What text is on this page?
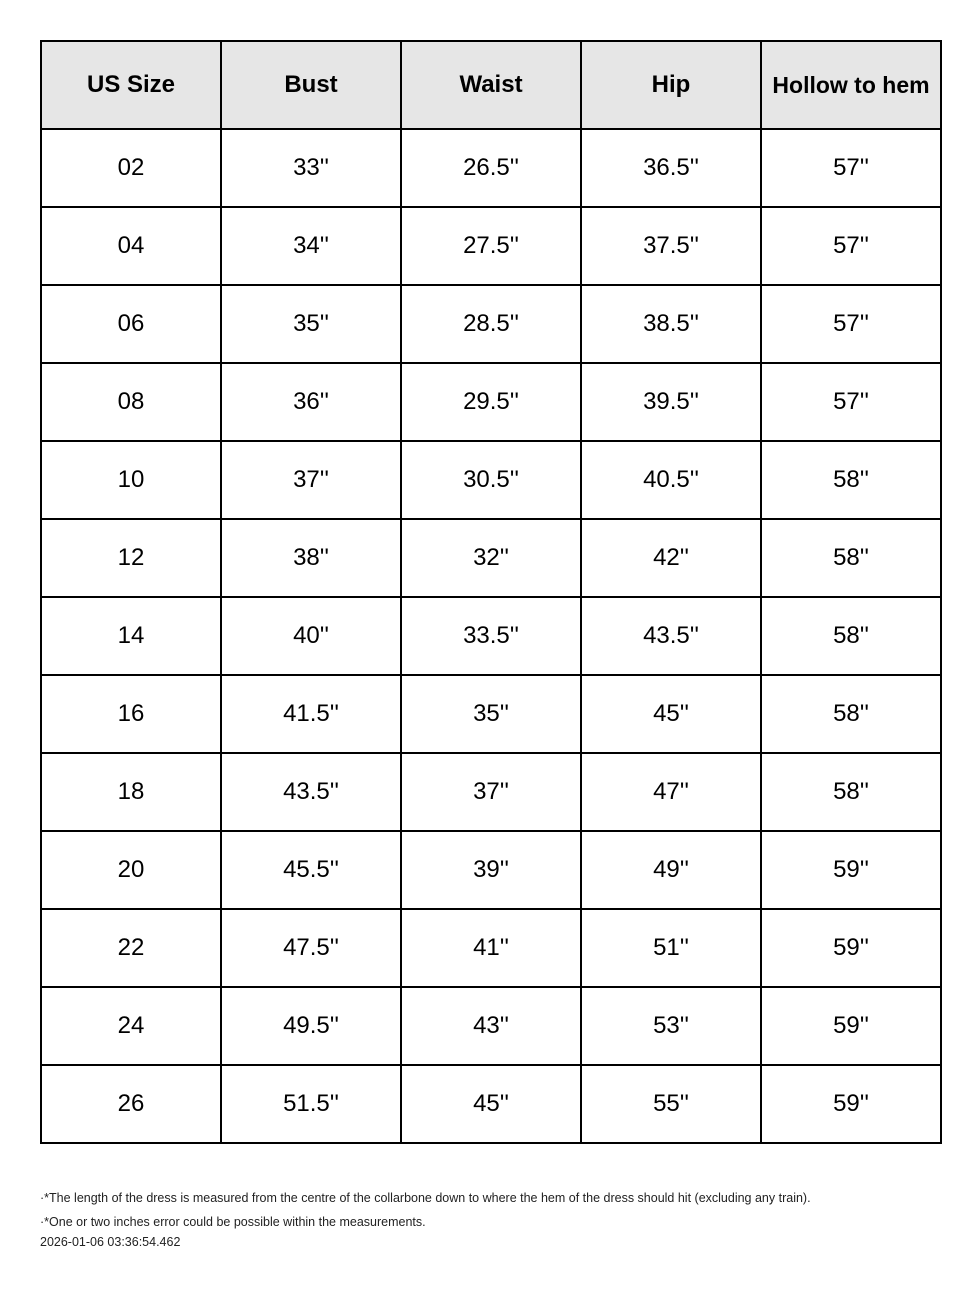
US Size	Bust	Waist	Hip	Hollow to hem
02	33''	26.5''	36.5''	57''
04	34''	27.5''	37.5''	57''
06	35''	28.5''	38.5''	57''
08	36''	29.5''	39.5''	57''
10	37''	30.5''	40.5''	58''
12	38''	32''	42''	58''
14	40''	33.5''	43.5''	58''
16	41.5''	35''	45''	58''
18	43.5''	37''	47''	58''
20	45.5''	39''	49''	59''
22	47.5''	41''	51''	59''
24	49.5''	43''	53''	59''
26	51.5''	45''	55''	59''
·*The length of the dress is measured from the centre of the collarbone down to where the hem of the dress should hit (excluding any train).
·*One or two inches error could be possible within the measurements.
2026-01-06 03:36:54.462
